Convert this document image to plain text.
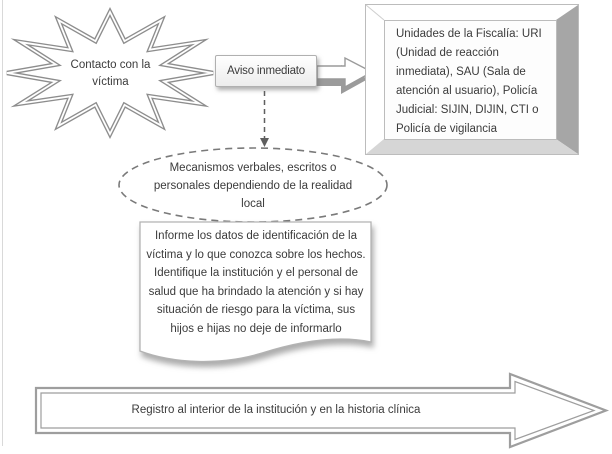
Contacto con la víctima
Aviso inmediato
Unidades de la Fiscalía: URI (Unidad de reacción inmediata), SAU (Sala de atención al usuario), Policía Judicial: SIJIN, DIJIN, CTI o Policía de vigilancia
Mecanismos verbales, escritos o personales dependiendo de la realidad local
Informe los datos de identificación de la víctima y lo que conozca sobre los hechos. Identifique la institución y el personal de salud que ha brindado la atención y si hay situación de riesgo para la víctima, sus hijos e hijas no deje de informarlo
Registro al interior de la institución y en la historia clínica
